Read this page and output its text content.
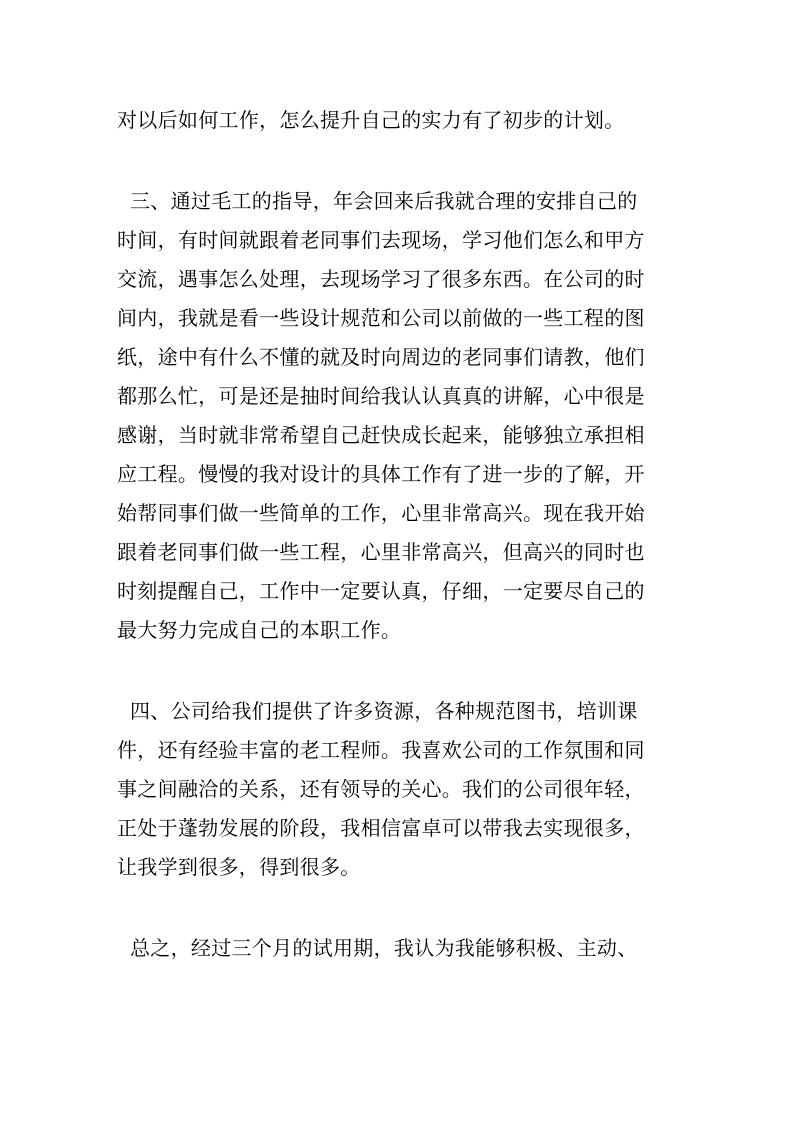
对以后如何工作，怎么提升自己的实力有了初步的计划。
三、通过毛工的指导，年会回来后我就合理的安排自己的
时间，有时间就跟着老同事们去现场，学习他们怎么和甲方
交流，遇事怎么处理，去现场学习了很多东西。在公司的时
间内，我就是看一些设计规范和公司以前做的一些工程的图
纸，途中有什么不懂的就及时向周边的老同事们请教，他们
都那么忙，可是还是抽时间给我认认真真的讲解，心中很是
感谢，当时就非常希望自己赶快成长起来，能够独立承担相
应工程。慢慢的我对设计的具体工作有了进一步的了解，开
始帮同事们做一些简单的工作，心里非常高兴。现在我开始
跟着老同事们做一些工程，心里非常高兴，但高兴的同时也
时刻提醒自己，工作中一定要认真，仔细，一定要尽自己的
最大努力完成自己的本职工作。
四、公司给我们提供了许多资源，各种规范图书，培训课
件，还有经验丰富的老工程师。我喜欢公司的工作氛围和同
事之间融洽的关系，还有领导的关心。我们的公司很年轻，
正处于蓬勃发展的阶段，我相信富卓可以带我去实现很多，
让我学到很多，得到很多。
总之，经过三个月的试用期，我认为我能够积极、主动、
